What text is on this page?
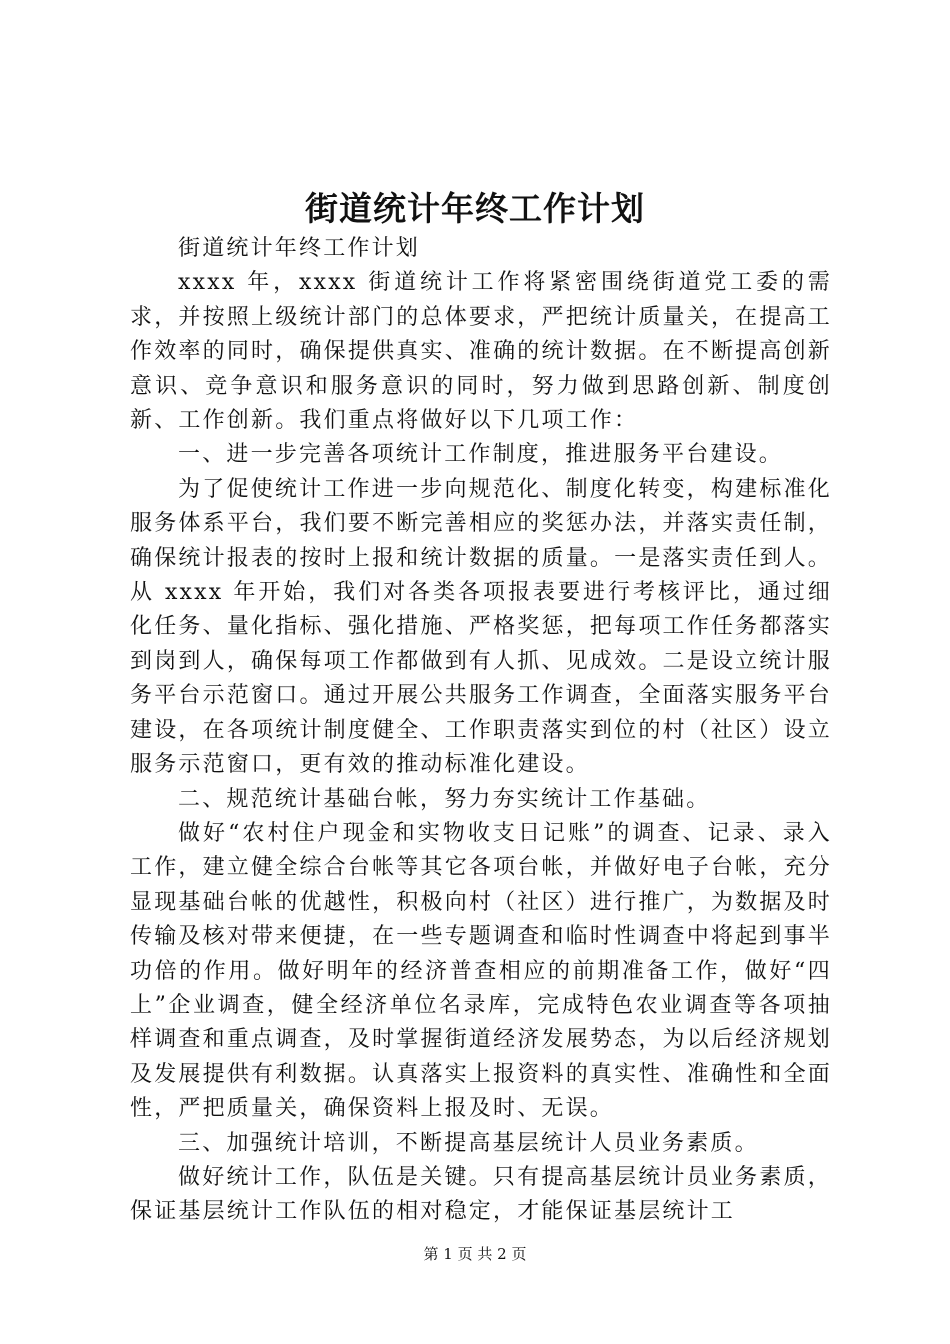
街道统计年终工作计划

街道统计年终工作计划

xxxx 年，xxxx 街道统计工作将紧密围绕街道党工委的需求，并按照上级统计部门的总体要求，严把统计质量关，在提高工作效率的同时，确保提供真实、准确的统计数据。在不断提高创新意识、竞争意识和服务意识的同时，努力做到思路创新、制度创新、工作创新。我们重点将做好以下几项工作：

一、进一步完善各项统计工作制度，推进服务平台建设。

为了促使统计工作进一步向规范化、制度化转变，构建标准化服务体系平台，我们要不断完善相应的奖惩办法，并落实责任制，确保统计报表的按时上报和统计数据的质量。一是落实责任到人。从 xxxx 年开始，我们对各类各项报表要进行考核评比，通过细化任务、量化指标、强化措施、严格奖惩，把每项工作任务都落实到岗到人，确保每项工作都做到有人抓、见成效。二是设立统计服务平台示范窗口。通过开展公共服务工作调查，全面落实服务平台建设，在各项统计制度健全、工作职责落实到位的村（社区）设立服务示范窗口，更有效的推动标准化建设。

二、规范统计基础台帐，努力夯实统计工作基础。

做好“农村住户现金和实物收支日记账”的调查、记录、录入工作，建立健全综合台帐等其它各项台帐，并做好电子台帐，充分显现基础台帐的优越性，积极向村（社区）进行推广，为数据及时传输及核对带来便捷，在一些专题调查和临时性调查中将起到事半功倍的作用。做好明年的经济普查相应的前期准备工作，做好“四上”企业调查，健全经济单位名录库，完成特色农业调查等各项抽样调查和重点调查，及时掌握街道经济发展势态，为以后经济规划及发展提供有利数据。认真落实上报资料的真实性、准确性和全面性，严把质量关，确保资料上报及时、无误。

三、加强统计培训，不断提高基层统计人员业务素质。

做好统计工作，队伍是关键。只有提高基层统计员业务素质，保证基层统计工作队伍的相对稳定，才能保证基层统计工

第 1 页 共 2 页
